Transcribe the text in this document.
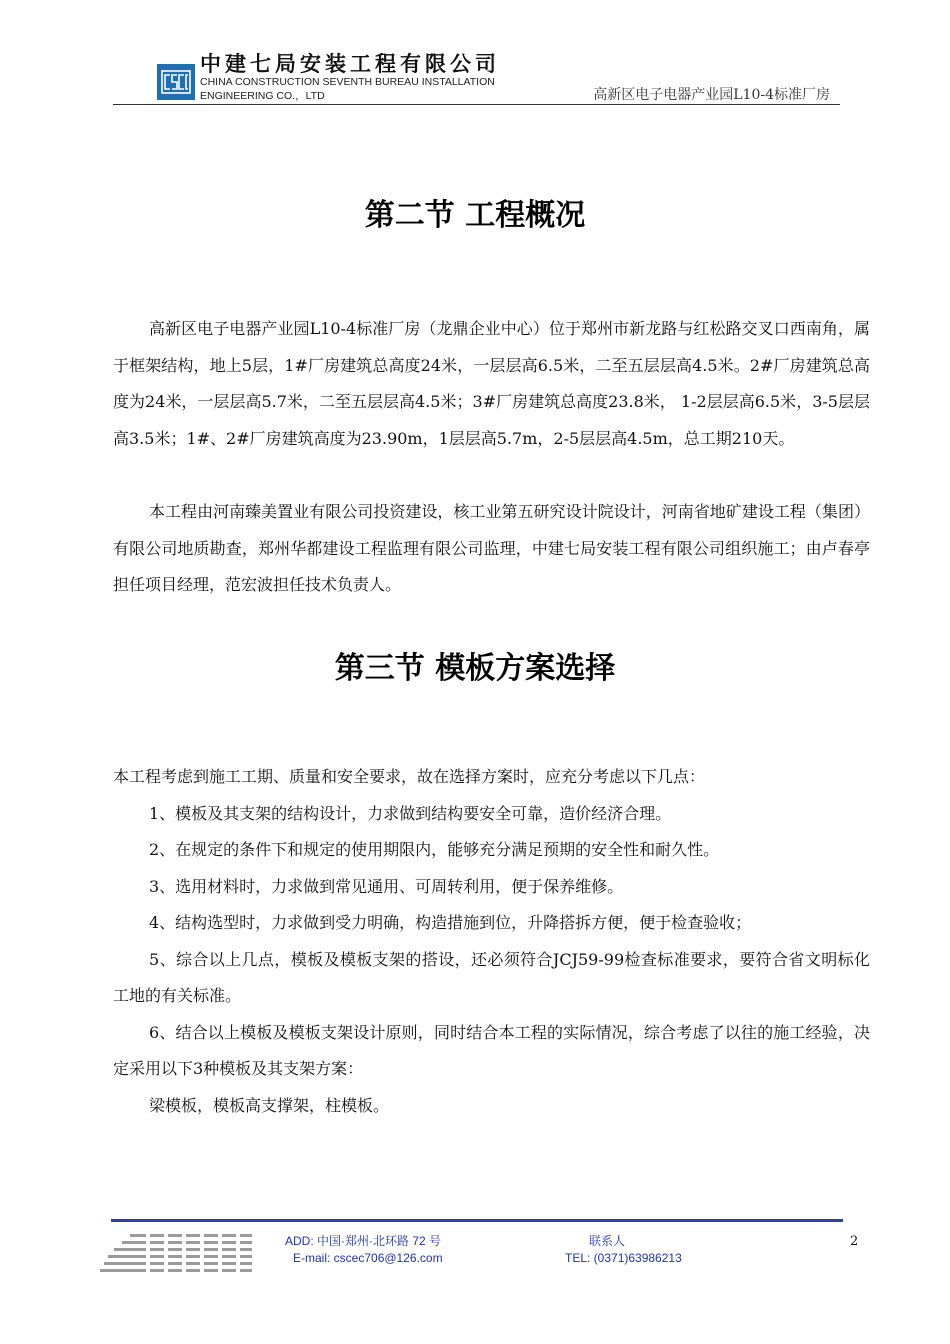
中建七局安装工程有限公司
CHINA CONSTRUCTION SEVENTH BUREAU INSTALLATION ENGINEERING CO.，LTD	高新区电子电器产业园L10-4标准厂房
第二节 工程概况
高新区电子电器产业园L10-4标准厂房（龙鼎企业中心）位于郑州市新龙路与红松路交叉口西南角，属于框架结构，地上5层，1#厂房建筑总高度24米，一层层高6.5米，二至五层层高4.5米。2#厂房建筑总高度为24米，一层层高5.7米，二至五层层高4.5米；3#厂房建筑总高度23.8米， 1-2层层高6.5米，3-5层层高3.5米；1#、2#厂房建筑高度为23.90m，1层层高5.7m，2-5层层高4.5m，总工期210天。
本工程由河南臻美置业有限公司投资建设，核工业第五研究设计院设计，河南省地矿建设工程（集团）有限公司地质勘查，郑州华都建设工程监理有限公司监理，中建七局安装工程有限公司组织施工；由卢春亭担任项目经理，范宏波担任技术负责人。
第三节 模板方案选择
本工程考虑到施工工期、质量和安全要求，故在选择方案时，应充分考虑以下几点：
1、模板及其支架的结构设计，力求做到结构要安全可靠，造价经济合理。
2、在规定的条件下和规定的使用期限内，能够充分满足预期的安全性和耐久性。
3、选用材料时，力求做到常见通用、可周转利用，便于保养维修。
4、结构选型时，力求做到受力明确，构造措施到位，升降搭拆方便，便于检查验收；
5、综合以上几点，模板及模板支架的搭设，还必须符合JCJ59-99检查标准要求，要符合省文明标化工地的有关标准。
6、结合以上模板及模板支架设计原则，同时结合本工程的实际情况，综合考虑了以往的施工经验，决定采用以下3种模板及其支架方案：
梁模板，模板高支撑架，柱模板。
ADD: 中国·郑州·北环路 72 号
E-mail: cscec706@126.com
联系人
TEL: (0371)63986213
2
